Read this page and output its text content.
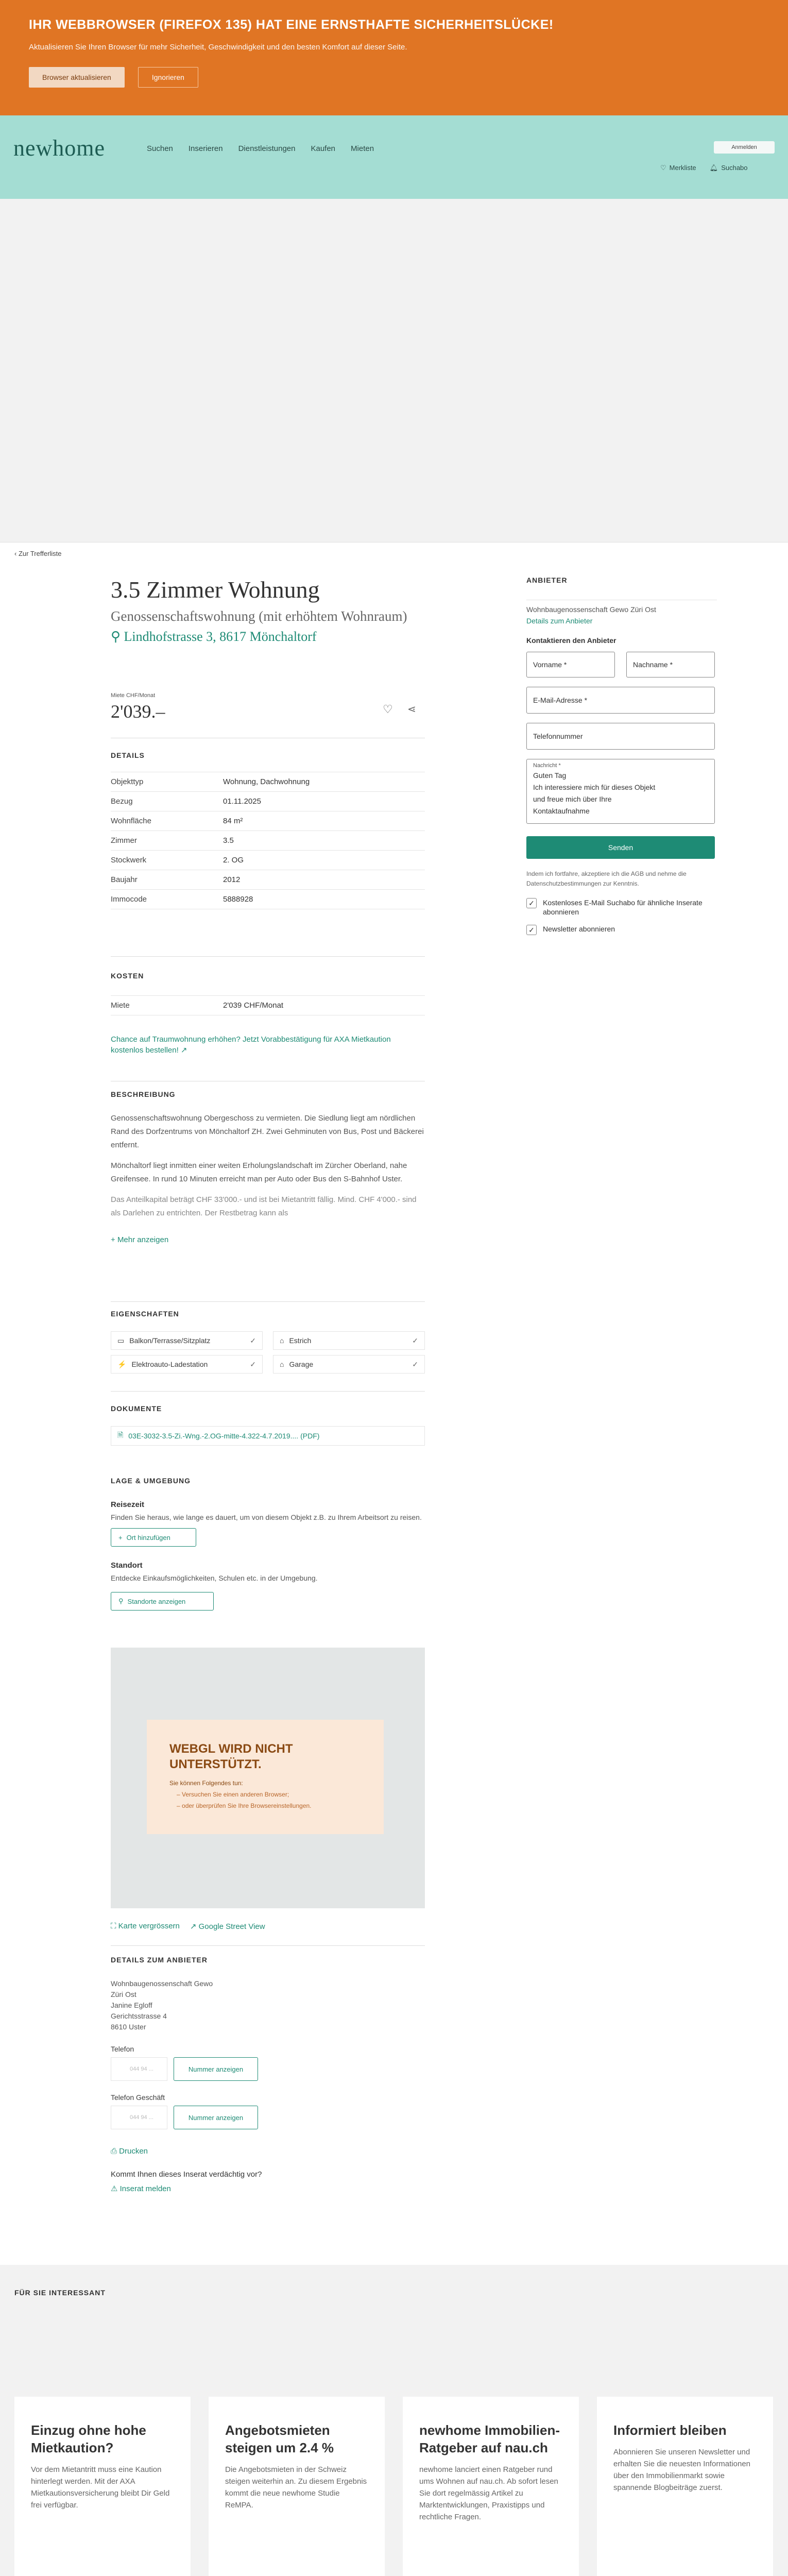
IHR WEBBROWSER (FIREFOX 135) HAT EINE ERNSTHAFTE SICHERHEITSLÜCKE!

Aktualisieren Sie Ihren Browser für mehr Sicherheit, Geschwindigkeit und den besten Komfort auf dieser Seite.

Browser aktualisieren	Ignorieren
newhome	Suchen Inserieren Dienstleistungen Kaufen Mieten	Anmelden
♡ Merkliste 🔔︎ Suchabo
‹ Zur Trefferliste
3.5 Zimmer Wohnung
Genossenschaftswohnung (mit erhöhtem Wohnraum)
⚲ Lindhofstrasse 3, 8617 Mönchaltorf
Miete CHF/Monat
2'039.–	♡ ⋖
DETAILS
Objekttyp	Wohnung, Dachwohnung
Bezug	01.11.2025
Wohnfläche	84 m²
Zimmer	3.5
Stockwerk	2. OG
Baujahr	2012
Immocode	5888928
KOSTEN
Miete	2'039 CHF/Monat
Chance auf Traumwohnung erhöhen? Jetzt Vorabbestätigung für AXA Mietkaution kostenlos bestellen! ↗
BESCHREIBUNG

Genossenschaftswohnung Obergeschoss zu vermieten. Die Siedlung liegt am nördlichen Rand des Dorfzentrums von Mönchaltorf ZH. Zwei Gehminuten von Bus, Post und Bäckerei entfernt.

Mönchaltorf liegt inmitten einer weiten Erholungslandschaft im Zürcher Oberland, nahe Greifensee. In rund 10 Minuten erreicht man per Auto oder Bus den S-Bahnhof Uster.

Das Anteilkapital beträgt CHF 33'000.- und ist bei Mietantritt fällig. Mind. CHF 4'000.- sind als Darlehen zu entrichten. Der Restbetrag kann als

+ Mehr anzeigen
EIGENSCHAFTEN
▭ Balkon/Terrasse/Sitzplatz	✓	⌂ Estrich	✓
⚡ Elektroauto-Ladestation	✓	⌂ Garage	✓
DOKUMENTE
🗎︎ 03E-3032-3.5-Zi.-Wng.-2.OG-mitte-4.322-4.7.2019.... (PDF)
LAGE & UMGEBUNG
Reisezeit

Finden Sie heraus, wie lange es dauert, um von diesem Objekt z.B. zu Ihrem Arbeitsort zu reisen.

+ Ort hinzufügen
Standort

Entdecke Einkaufsmöglichkeiten, Schulen etc. in der Umgebung.

⚲ Standorte anzeigen
WEBGL WIRD NICHT UNTERSTÜTZT.
Sie können Folgendes tun:
– Versuchen Sie einen anderen Browser;
– oder überprüfen Sie Ihre Browsereinstellungen.
⛶ Karte vergrössern ↗ Google Street View
DETAILS ZUM ANBIETER
Wohnbaugenossenschaft Gewo
Züri Ost
Janine Egloff
Gerichtsstrasse 4
8610 Uster
Telefon
044 94 ...	Nummer anzeigen
Telefon Geschäft
044 94 ...	Nummer anzeigen
⎙ Drucken
Kommt Ihnen dieses Inserat verdächtig vor?
⚠ Inserat melden
ANBIETER
Wohnbaugenossenschaft Gewo Züri Ost
Details zum Anbieter
Kontaktieren den Anbieter
Vorname *	Nachname *
E-Mail-Adresse *
Telefonnummer
Nachricht *
Guten Tag
Ich interessiere mich für dieses Objekt und freue mich über Ihre Kontaktaufnahme
Senden

Indem ich fortfahre, akzeptiere ich die AGB und nehme die Datenschutzbestimmungen zur Kenntnis.

✓ Kostenloses E-Mail Suchabo für ähnliche Inserate abonnieren
✓ Newsletter abonnieren
FÜR SIE INTERESSANT
Einzug ohne hohe Mietkaution?

Vor dem Mietantritt muss eine Kaution hinterlegt werden. Mit der AXA Mietkautionsversicherung bleibt Dir Geld frei verfügbar.

Angebotsmieten steigen um 2.4 %

Die Angebotsmieten in der Schweiz steigen weiterhin an. Zu diesem Ergebnis kommt die neue newhome Studie ReMPA.

newhome Immobilien-Ratgeber auf nau.ch

newhome lanciert einen Ratgeber rund ums Wohnen auf nau.ch. Ab sofort lesen Sie dort regelmässig Artikel zu Marktentwicklungen, Praxistipps und rechtliche Fragen.

Informiert bleiben

Abonnieren Sie unseren Newsletter und erhalten Sie die neuesten Informationen über den Immobilienmarkt sowie spannende Blogbeiträge zuerst.
